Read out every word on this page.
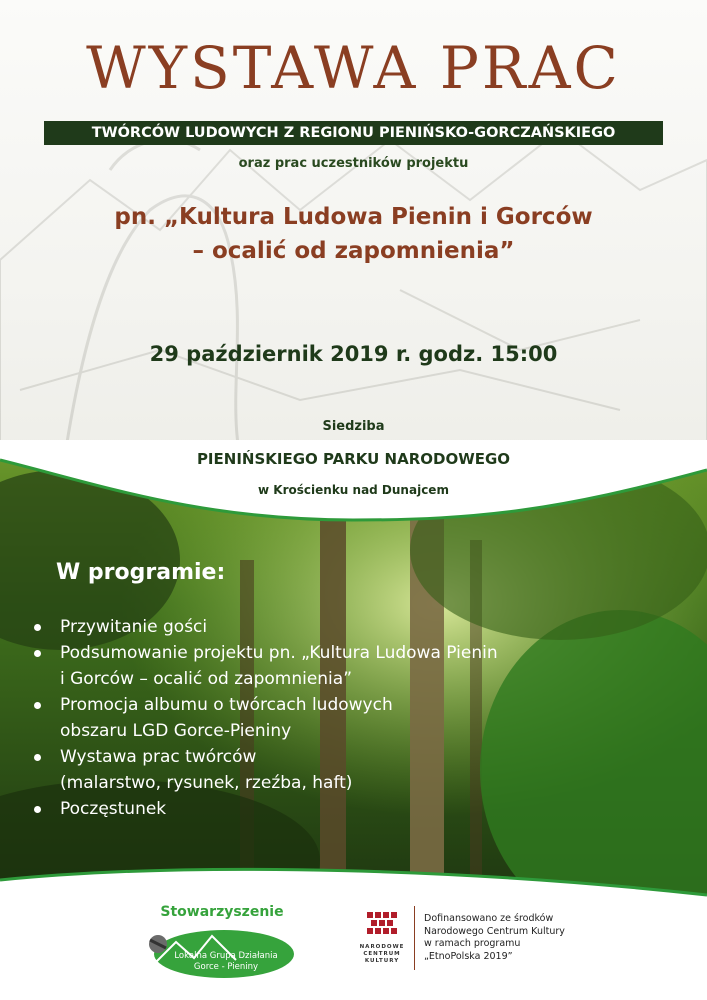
WYSTAWA PRAC
TWÓRCÓW LUDOWYCH Z REGIONU PIENIŃSKO-GORCZAŃSKIEGO
oraz prac uczestników projektu
pn. „Kultura Ludowa Pienin i Gorców
– ocalić od zapomnienia”
29 październik 2019 r. godz. 15:00
Siedziba
PIENIŃSKIEGO PARKU NARODOWEGO
w Krościenku nad Dunajcem
W programie:
Przywitanie gości
Podsumowanie projektu pn. „Kultura Ludowa Pienin
i Gorców – ocalić od zapomnienia”
Promocja albumu o twórcach ludowych
obszaru LGD Gorce-Pieniny
Wystawa prac twórców
(malarstwo, rysunek, rzeźba, haft)
Poczęstunek
Stowarzyszenie
Lokalna Grupa Działania
Gorce - Pieniny
NARODOWE
CENTRUM
KULTURY
Dofinansowano ze środków
Narodowego Centrum Kultury
w ramach programu
„EtnoPolska 2019”
